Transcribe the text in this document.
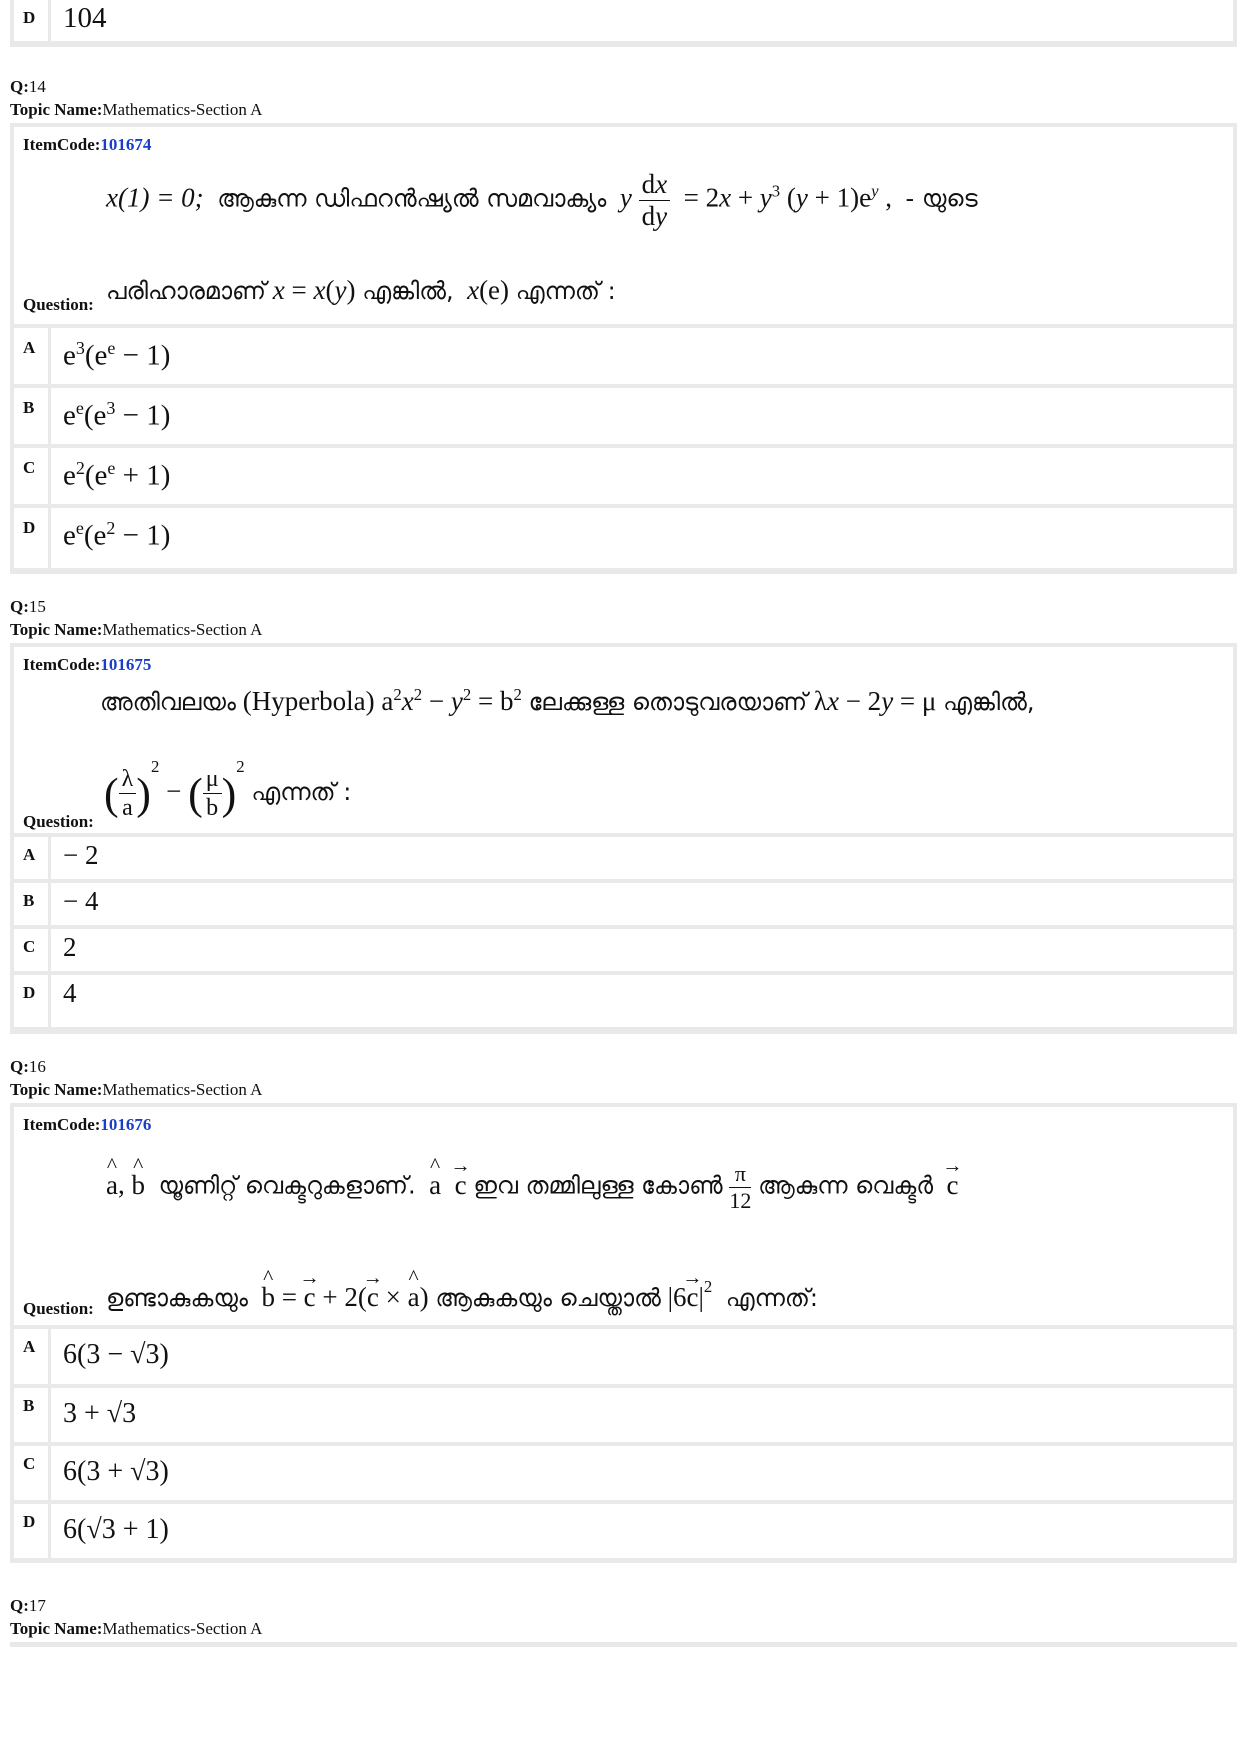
D 104
Q:14
Topic Name:Mathematics-Section A
ItemCode:101674
x(1) = 0; ആകുന്ന ഡിഫറൻഷ്യൽ സമവാക്യം y $\frac{dx}{dy} = 2x + y^3$ $(y + 1)e^y$ ,  - യുടെ
Question: പരിഹാരമാണ് x = x(y) എങ്കിൽ, x(e) എന്നത് :
A $e^3(e^e - 1)$
B $e^e(e^3 - 1)$
C $e^2(e^e + 1)$
D $e^e(e^2 - 1)$
Q:15
Topic Name:Mathematics-Section A
ItemCode:101675
അതിവലയം (Hyperbola) $a^2x^2 - y^2 = b^2$ ലേക്കുള്ള തൊടുവരയാണ് λx − 2y = μ എങ്കിൽ,
Question:
( $\frac{\lambda}{a} )^2$ − ( $\frac{\mu}{b} )^2$ എന്നത് :
A − 2
B − 4
C 2
D 4
Q:16
Topic Name:Mathematics-Section A
ItemCode:101676
^ a, ^ b യൂണിറ്റ് വെക്ടറുകളാണ്. ^ a → c ഇവ തമ്മിലുള്ള കോൺ $\frac{\pi}{12}$ ആകുന്ന വെക്ടർ → c
Question: ഉണ്ടാകുകയും ^ b = → c + 2(→ c × ^ a) ആകുകയും ചെയ്താൽ $|6\to c|^2$ എന്നത്:
A 6(3 − √3)
B 3 + √3
C 6(3 + √3)
D 6(√3 + 1)
Q:17
Topic Name:Mathematics-Section A
